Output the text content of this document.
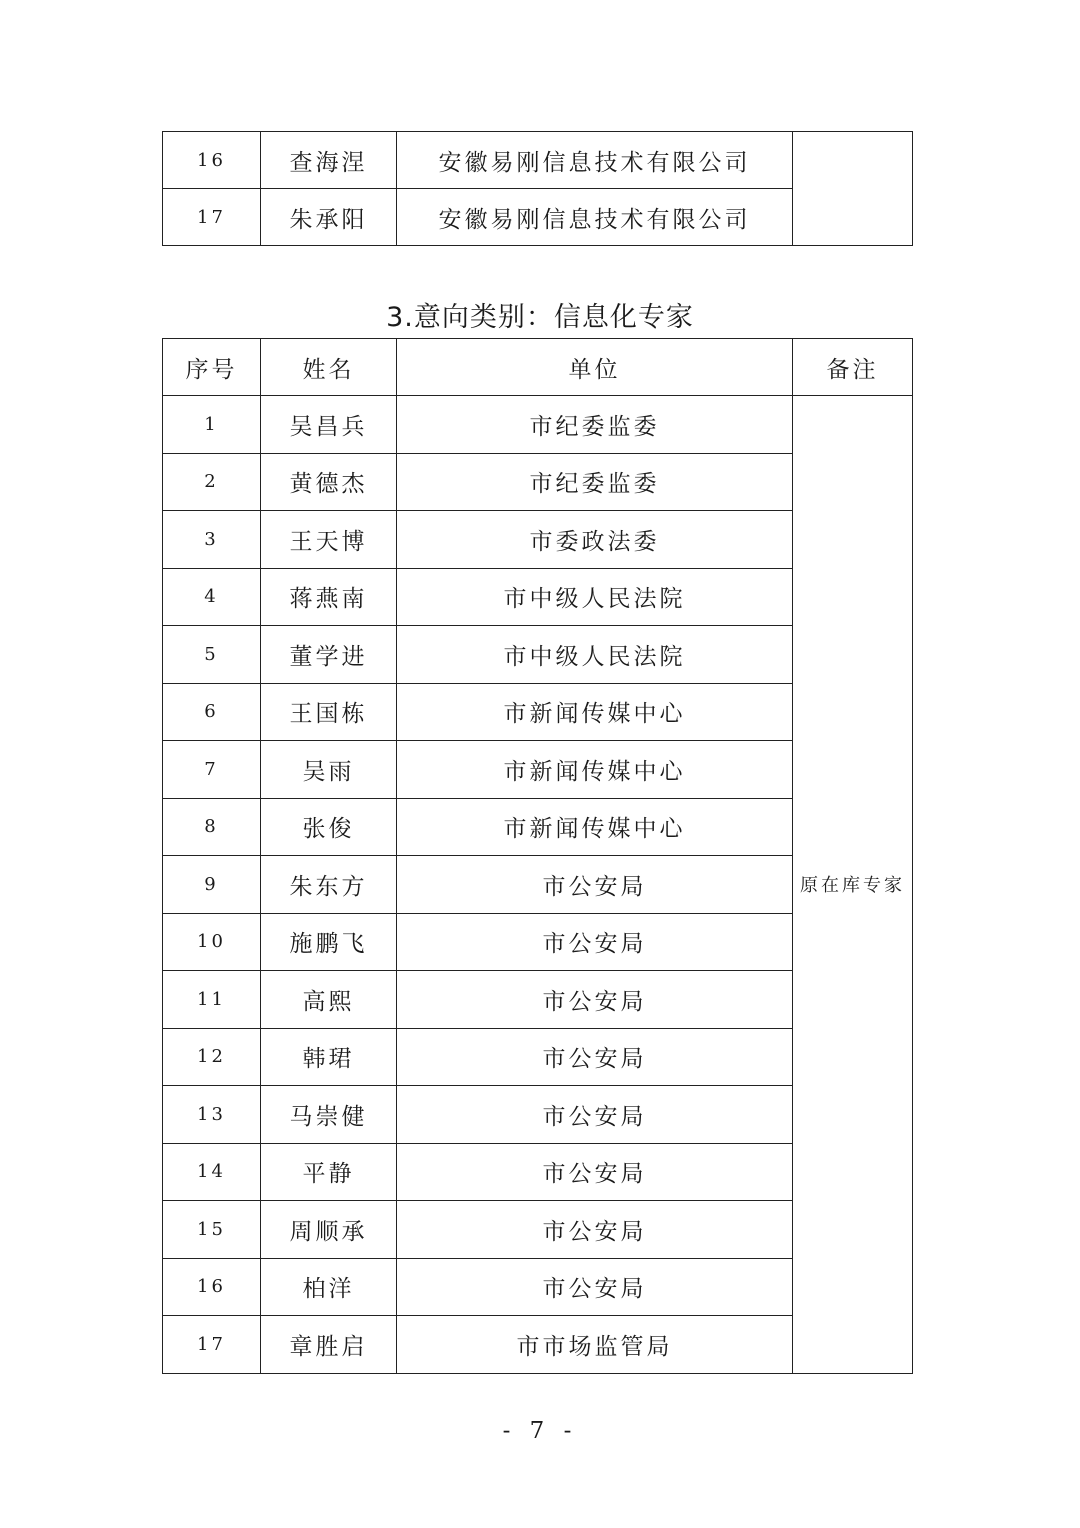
16	查海涅	安徽易刚信息技术有限公司	
17	朱承阳	安徽易刚信息技术有限公司	
3.意向类别：信息化专家
序号	姓名	单位	备注
1	吴昌兵	市纪委监委	原在库专家
2	黄德杰	市纪委监委	
3	王天博	市委政法委	
4	蒋燕南	市中级人民法院	
5	董学进	市中级人民法院	
6	王国栋	市新闻传媒中心	
7	吴雨	市新闻传媒中心	
8	张俊	市新闻传媒中心	
9	朱东方	市公安局	
10	施鹏飞	市公安局	
11	高熙	市公安局	
12	韩珺	市公安局	
13	马崇健	市公安局	
14	平静	市公安局	
15	周顺承	市公安局	
16	柏洋	市公安局	
17	章胜启	市市场监管局	
- 7 -
